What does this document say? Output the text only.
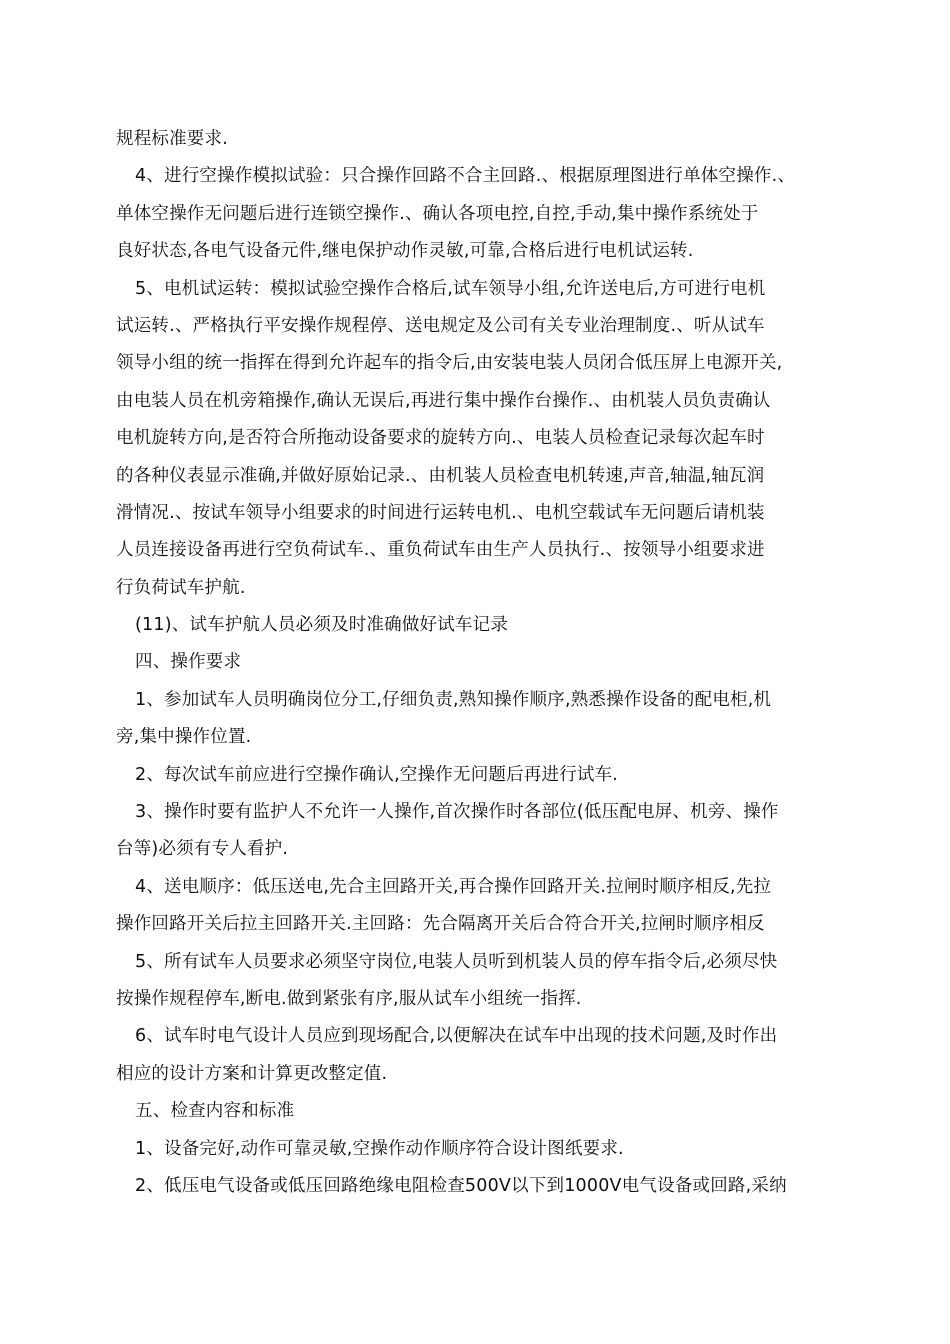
规程标准要求.
4、进行空操作模拟试验：只合操作回路不合主回路.、根据原理图进行单体空操作.、
单体空操作无问题后进行连锁空操作.、确认各项电控,自控,手动,集中操作系统处于
良好状态,各电气设备元件,继电保护动作灵敏,可靠,合格后进行电机试运转.
5、电机试运转：模拟试验空操作合格后,试车领导小组,允许送电后,方可进行电机
试运转.、严格执行平安操作规程停、送电规定及公司有关专业治理制度.、听从试车
领导小组的统一指挥在得到允许起车的指令后,由安装电装人员闭合低压屏上电源开关,
由电装人员在机旁箱操作,确认无误后,再进行集中操作台操作.、由机装人员负责确认
电机旋转方向,是否符合所拖动设备要求的旋转方向.、电装人员检查记录每次起车时
的各种仪表显示准确,并做好原始记录.、由机装人员检查电机转速,声音,轴温,轴瓦润
滑情况.、按试车领导小组要求的时间进行运转电机.、电机空载试车无问题后请机装
人员连接设备再进行空负荷试车.、重负荷试车由生产人员执行.、按领导小组要求进
行负荷试车护航.
(11)、试车护航人员必须及时准确做好试车记录
四、操作要求
1、参加试车人员明确岗位分工,仔细负责,熟知操作顺序,熟悉操作设备的配电柜,机
旁,集中操作位置.
2、每次试车前应进行空操作确认,空操作无问题后再进行试车.
3、操作时要有监护人不允许一人操作,首次操作时各部位(低压配电屏、机旁、操作
台等)必须有专人看护.
4、送电顺序：低压送电,先合主回路开关,再合操作回路开关.拉闸时顺序相反,先拉
操作回路开关后拉主回路开关.主回路：先合隔离开关后合符合开关,拉闸时顺序相反
5、所有试车人员要求必须坚守岗位,电装人员听到机装人员的停车指令后,必须尽快
按操作规程停车,断电.做到紧张有序,服从试车小组统一指挥.
6、试车时电气设计人员应到现场配合,以便解决在试车中出现的技术问题,及时作出
相应的设计方案和计算更改整定值.
五、检查内容和标准
1、设备完好,动作可靠灵敏,空操作动作顺序符合设计图纸要求.
2、低压电气设备或低压回路绝缘电阻检查500V以下到1000V电气设备或回路,采纳
